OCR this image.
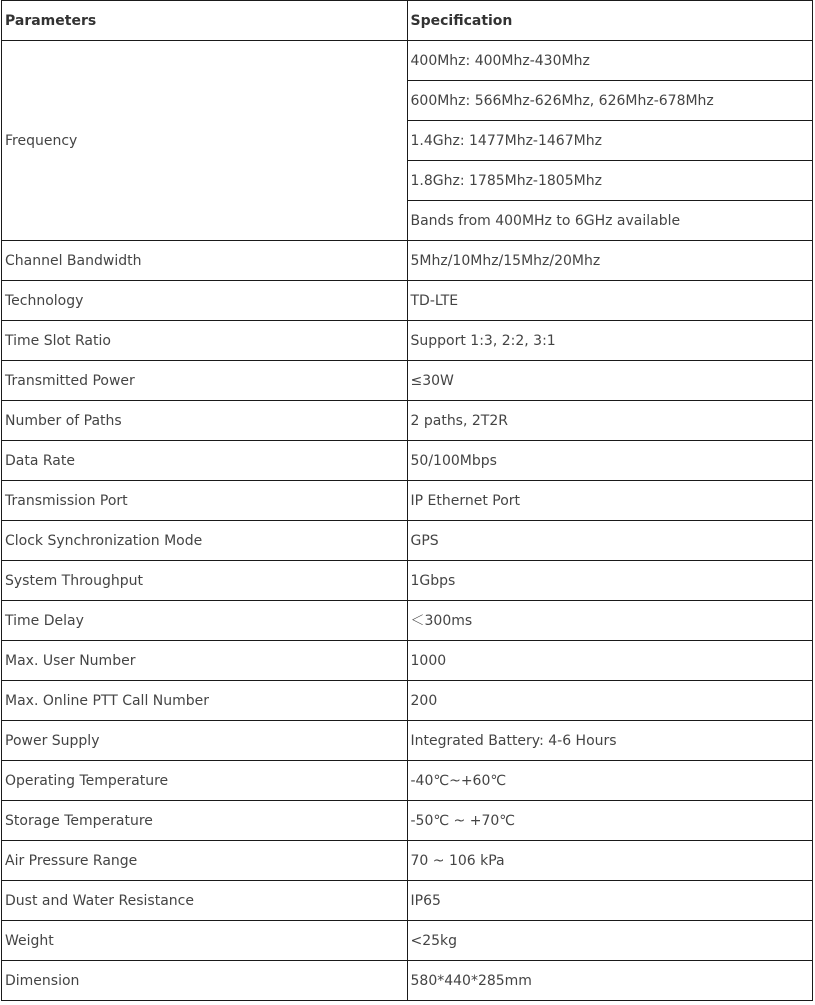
Parameters	Specification
Frequency	400Mhz: 400Mhz-430Mhz
	600Mhz: 566Mhz-626Mhz, 626Mhz-678Mhz
	1.4Ghz: 1477Mhz-1467Mhz
	1.8Ghz: 1785Mhz-1805Mhz
	Bands from 400MHz to 6GHz available
Channel Bandwidth	5Mhz/10Mhz/15Mhz/20Mhz
Technology	TD-LTE
Time Slot Ratio	Support 1:3, 2:2, 3:1
Transmitted Power	≤30W
Number of Paths	2 paths, 2T2R
Data Rate	50/100Mbps
Transmission Port	IP Ethernet Port
Clock Synchronization Mode	GPS
System Throughput	1Gbps
Time Delay	＜300ms
Max. User Number	1000
Max. Online PTT Call Number	200
Power Supply	Integrated Battery: 4-6 Hours
Operating Temperature	-40℃~+60℃
Storage Temperature	-50℃ ~ +70℃
Air Pressure Range	70 ~ 106 kPa
Dust and Water Resistance	IP65
Weight	<25kg
Dimension	580*440*285mm
